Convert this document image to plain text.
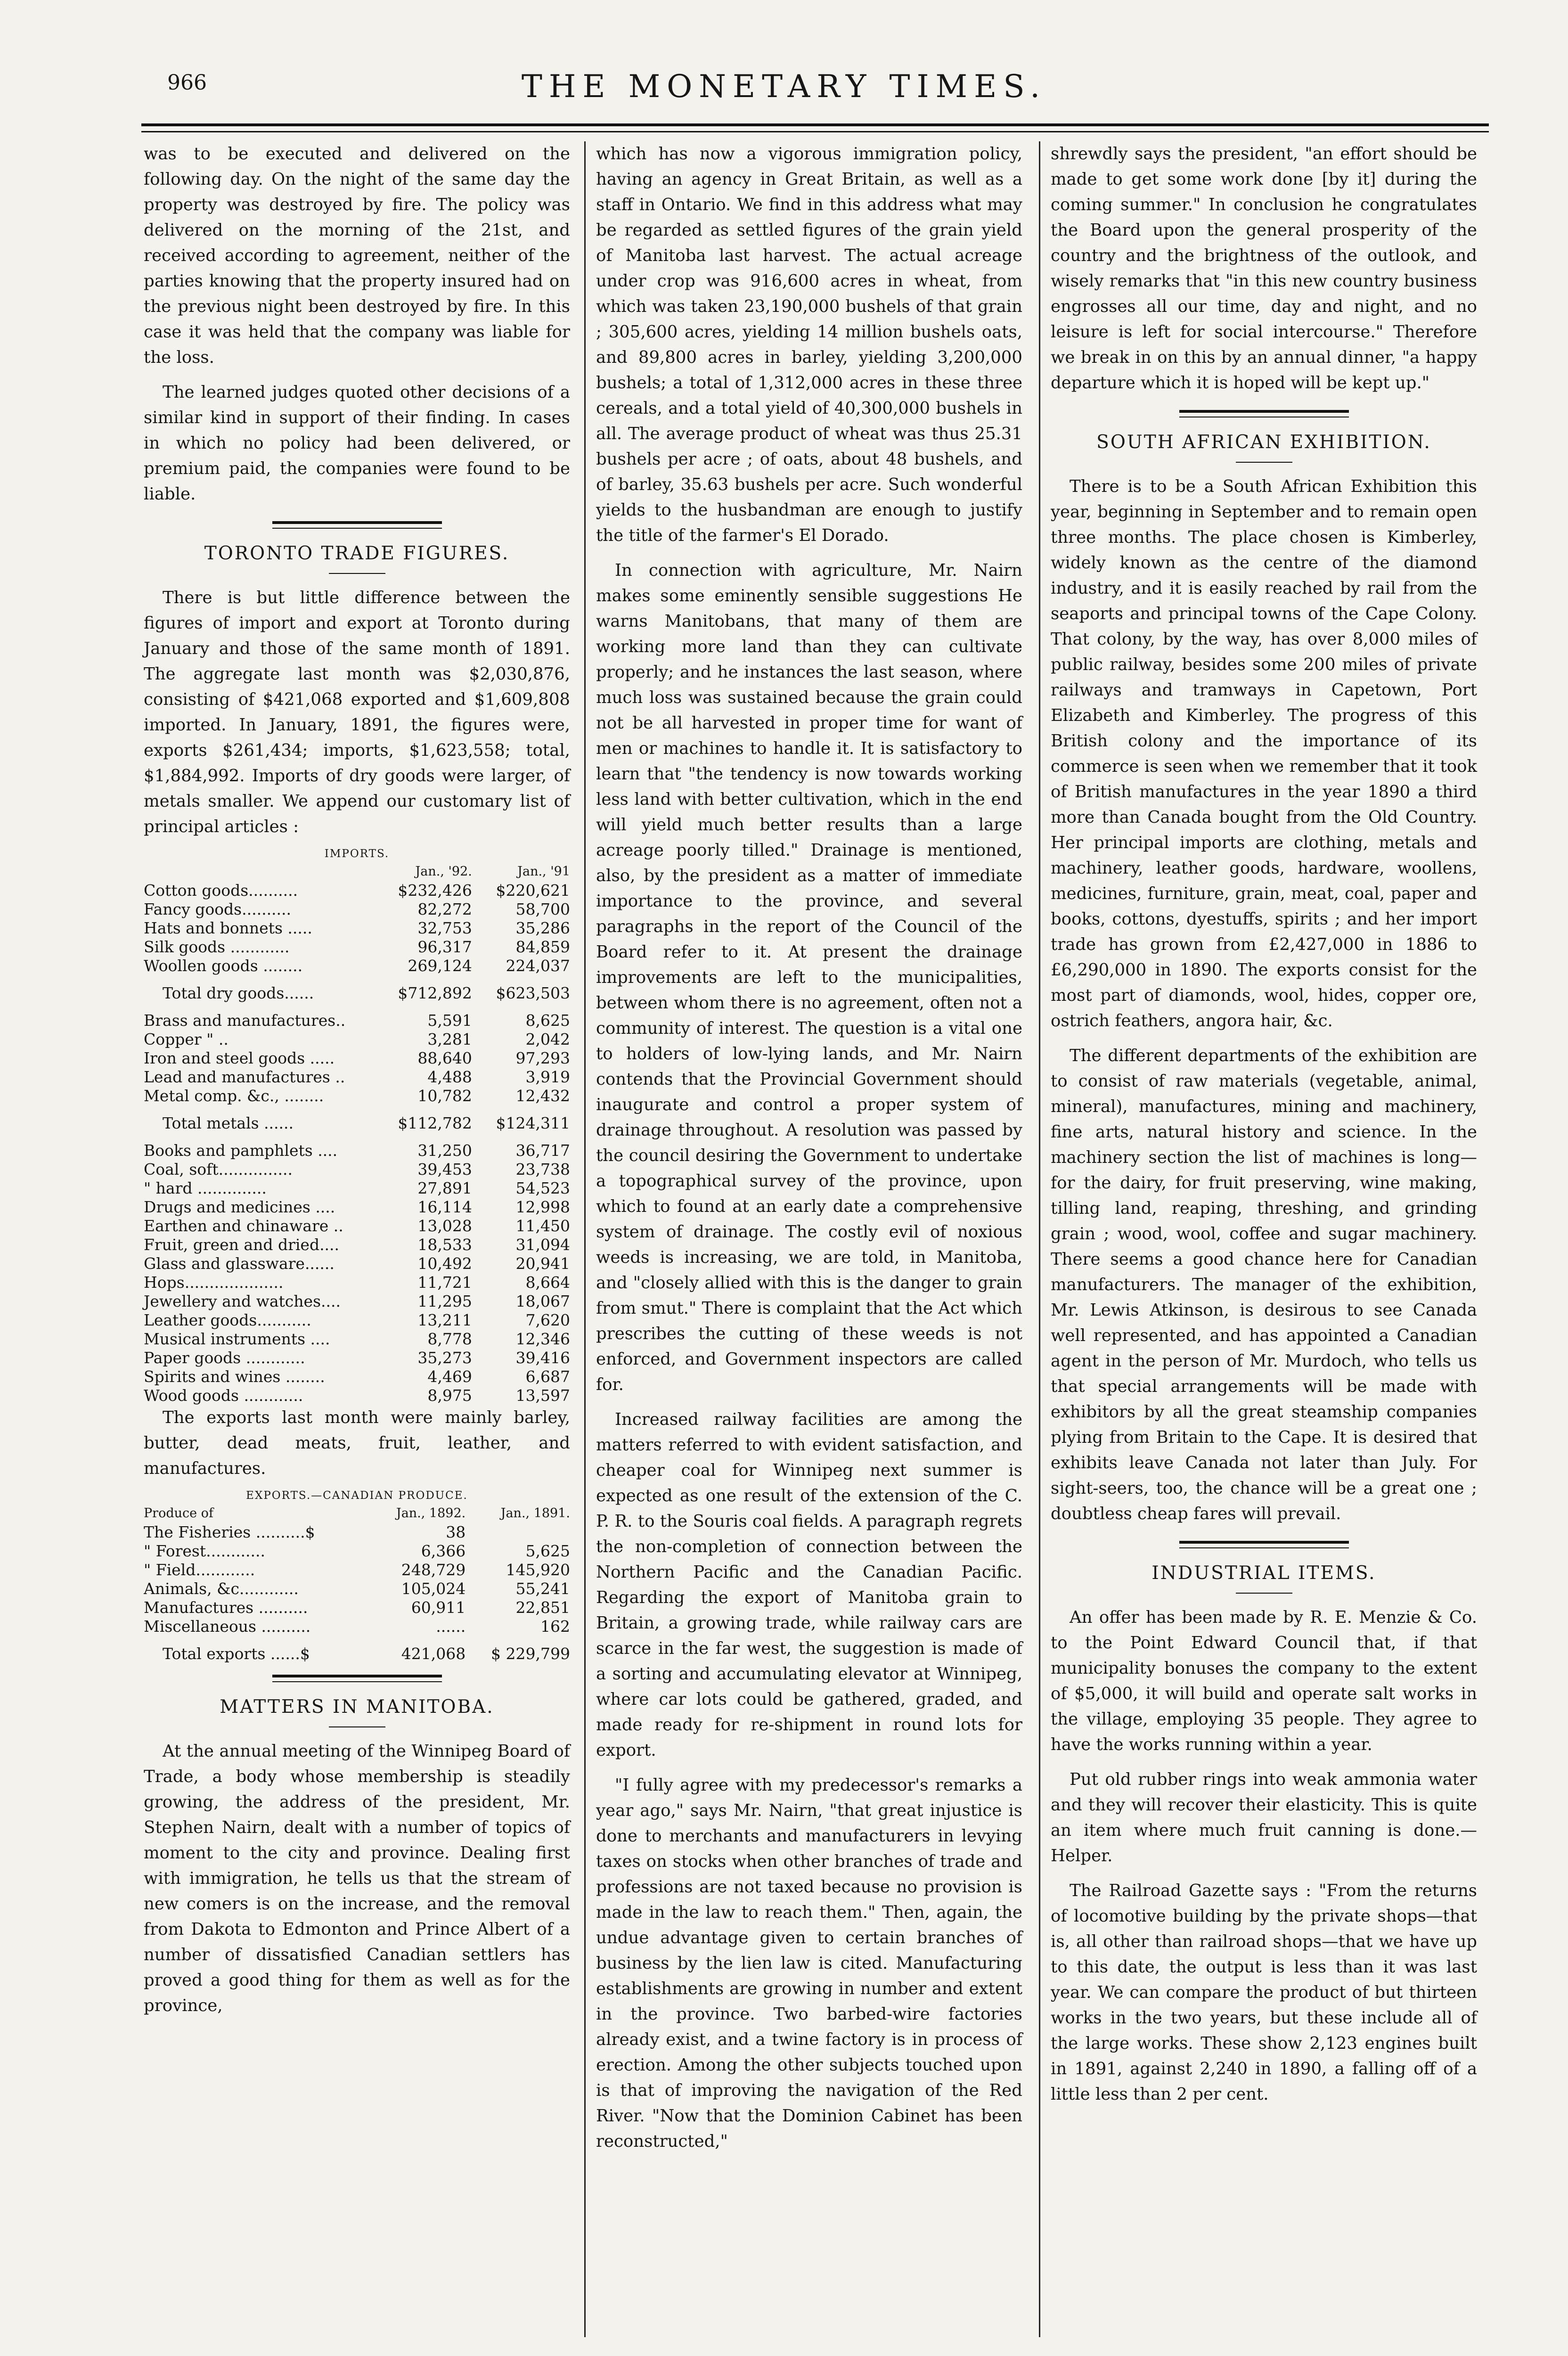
966	THE MONETARY TIMES.

was to be executed and delivered on the following day. On the night of the same day the property was destroyed by fire. The policy was delivered on the morning of the 21st, and received according to agreement, neither of the parties knowing that the property insured had on the previous night been destroyed by fire. In this case it was held that the company was liable for the loss.

The learned judges quoted other decisions of a similar kind in support of their finding. In cases in which no policy had been delivered, or premium paid, the companies were found to be liable.

TORONTO TRADE FIGURES.

There is but little difference between the figures of import and export at Toronto during January and those of the same month of 1891. The aggregate last month was $2,030,876, consisting of $421,068 exported and $1,609,808 imported. In January, 1891, the figures were, exports $261,434; imports, $1,623,558; total, $1,884,992. Imports of dry goods were larger, of metals smaller. We append our customary list of principal articles :

IMPORTS.
	Jan., '92.	Jan., '91
Cotton goods..........	$232,426	$220,621
Fancy goods..........	82,272	58,700
Hats and bonnets .....	32,753	35,286
Silk goods ............	96,317	84,859
Woollen goods ........	269,124	224,037
Total dry goods......	$712,892	$623,503
Brass and manufactures..	5,591	8,625
Copper " ..	3,281	2,042
Iron and steel goods .....	88,640	97,293
Lead and manufactures ..	4,488	3,919
Metal comp. &c., ........	10,782	12,432
Total metals ......	$112,782	$124,311
Books and pamphlets ....	31,250	36,717
Coal, soft...............	39,453	23,738
" hard ..............	27,891	54,523
Drugs and medicines ....	16,114	12,998
Earthen and chinaware ..	13,028	11,450
Fruit, green and dried....	18,533	31,094
Glass and glassware......	10,492	20,941
Hops....................	11,721	8,664
Jewellery and watches....	11,295	18,067
Leather goods...........	13,211	7,620
Musical instruments ....	8,778	12,346
Paper goods ............	35,273	39,416
Spirits and wines ........	4,469	6,687
Wood goods ............	8,975	13,597

The exports last month were mainly barley, butter, dead meats, fruit, leather, and manufactures.

EXPORTS.—CANADIAN PRODUCE.
Produce of	Jan., 1892.	Jan., 1891.
The Fisheries ..........$	38	
" Forest............	6,366	5,625
" Field............	248,729	145,920
Animals, &c............	105,024	55,241
Manufactures ..........	60,911	22,851
Miscellaneous ..........	......	162
Total exports ......$	421,068	$ 229,799
MATTERS IN MANITOBA.

At the annual meeting of the Winnipeg Board of Trade, a body whose membership is steadily growing, the address of the president, Mr. Stephen Nairn, dealt with a number of topics of moment to the city and province. Dealing first with immigration, he tells us that the stream of new comers is on the increase, and the removal from Dakota to Edmonton and Prince Albert of a number of dissatisfied Canadian settlers has proved a good thing for them as well as for the province,

which has now a vigorous immigration policy, having an agency in Great Britain, as well as a staff in Ontario. We find in this address what may be regarded as settled figures of the grain yield of Manitoba last harvest. The actual acreage under crop was 916,600 acres in wheat, from which was taken 23,190,000 bushels of that grain ; 305,600 acres, yielding 14 million bushels oats, and 89,800 acres in barley, yielding 3,200,000 bushels; a total of 1,312,000 acres in these three cereals, and a total yield of 40,300,000 bushels in all. The average product of wheat was thus 25.31 bushels per acre ; of oats, about 48 bushels, and of barley, 35.63 bushels per acre. Such wonderful yields to the husbandman are enough to justify the title of the farmer's El Dorado.

In connection with agriculture, Mr. Nairn makes some eminently sensible suggestions He warns Manitobans, that many of them are working more land than they can cultivate properly; and he instances the last season, where much loss was sustained because the grain could not be all harvested in proper time for want of men or machines to handle it. It is satisfactory to learn that "the tendency is now towards working less land with better cultivation, which in the end will yield much better results than a large acreage poorly tilled." Drainage is mentioned, also, by the president as a matter of immediate importance to the province, and several paragraphs in the report of the Council of the Board refer to it. At present the drainage improvements are left to the municipalities, between whom there is no agreement, often not a community of interest. The question is a vital one to holders of low-lying lands, and Mr. Nairn contends that the Provincial Government should inaugurate and control a proper system of drainage throughout. A resolution was passed by the council desiring the Government to undertake a topographical survey of the province, upon which to found at an early date a comprehensive system of drainage. The costly evil of noxious weeds is increasing, we are told, in Manitoba, and "closely allied with this is the danger to grain from smut." There is complaint that the Act which prescribes the cutting of these weeds is not enforced, and Government inspectors are called for.

Increased railway facilities are among the matters referred to with evident satisfaction, and cheaper coal for Winnipeg next summer is expected as one result of the extension of the C. P. R. to the Souris coal fields. A paragraph regrets the non-completion of connection between the Northern Pacific and the Canadian Pacific. Regarding the export of Manitoba grain to Britain, a growing trade, while railway cars are scarce in the far west, the suggestion is made of a sorting and accumulating elevator at Winnipeg, where car lots could be gathered, graded, and made ready for re-shipment in round lots for export.

"I fully agree with my predecessor's remarks a year ago," says Mr. Nairn, "that great injustice is done to merchants and manufacturers in levying taxes on stocks when other branches of trade and professions are not taxed because no provision is made in the law to reach them." Then, again, the undue advantage given to certain branches of business by the lien law is cited. Manufacturing establishments are growing in number and extent in the province. Two barbed-wire factories already exist, and a twine factory is in process of erection. Among the other subjects touched upon is that of improving the navigation of the Red River. "Now that the Dominion Cabinet has been reconstructed,"

shrewdly says the president, "an effort should be made to get some work done [by it] during the coming summer." In conclusion he congratulates the Board upon the general prosperity of the country and the brightness of the outlook, and wisely remarks that "in this new country business engrosses all our time, day and night, and no leisure is left for social intercourse." Therefore we break in on this by an annual dinner, "a happy departure which it is hoped will be kept up."

SOUTH AFRICAN EXHIBITION.

There is to be a South African Exhibition this year, beginning in September and to remain open three months. The place chosen is Kimberley, widely known as the centre of the diamond industry, and it is easily reached by rail from the seaports and principal towns of the Cape Colony. That colony, by the way, has over 8,000 miles of public railway, besides some 200 miles of private railways and tramways in Capetown, Port Elizabeth and Kimberley. The progress of this British colony and the importance of its commerce is seen when we remember that it took of British manufactures in the year 1890 a third more than Canada bought from the Old Country. Her principal imports are clothing, metals and machinery, leather goods, hardware, woollens, medicines, furniture, grain, meat, coal, paper and books, cottons, dyestuffs, spirits ; and her import trade has grown from £2,427,000 in 1886 to £6,290,000 in 1890. The exports consist for the most part of diamonds, wool, hides, copper ore, ostrich feathers, angora hair, &c.

The different departments of the exhibition are to consist of raw materials (vegetable, animal, mineral), manufactures, mining and machinery, fine arts, natural history and science. In the machinery section the list of machines is long—for the dairy, for fruit preserving, wine making, tilling land, reaping, threshing, and grinding grain ; wood, wool, coffee and sugar machinery. There seems a good chance here for Canadian manufacturers. The manager of the exhibition, Mr. Lewis Atkinson, is desirous to see Canada well represented, and has appointed a Canadian agent in the person of Mr. Murdoch, who tells us that special arrangements will be made with exhibitors by all the great steamship companies plying from Britain to the Cape. It is desired that exhibits leave Canada not later than July. For sight-seers, too, the chance will be a great one ; doubtless cheap fares will prevail.

INDUSTRIAL ITEMS.

An offer has been made by R. E. Menzie & Co. to the Point Edward Council that, if that municipality bonuses the company to the extent of $5,000, it will build and operate salt works in the village, employing 35 people. They agree to have the works running within a year.

Put old rubber rings into weak ammonia water and they will recover their elasticity. This is quite an item where much fruit canning is done.—Helper.

The Railroad Gazette says : "From the returns of locomotive building by the private shops—that is, all other than railroad shops—that we have up to this date, the output is less than it was last year. We can compare the product of but thirteen works in the two years, but these include all of the large works. These show 2,123 engines built in 1891, against 2,240 in 1890, a falling off of a little less than 2 per cent.
